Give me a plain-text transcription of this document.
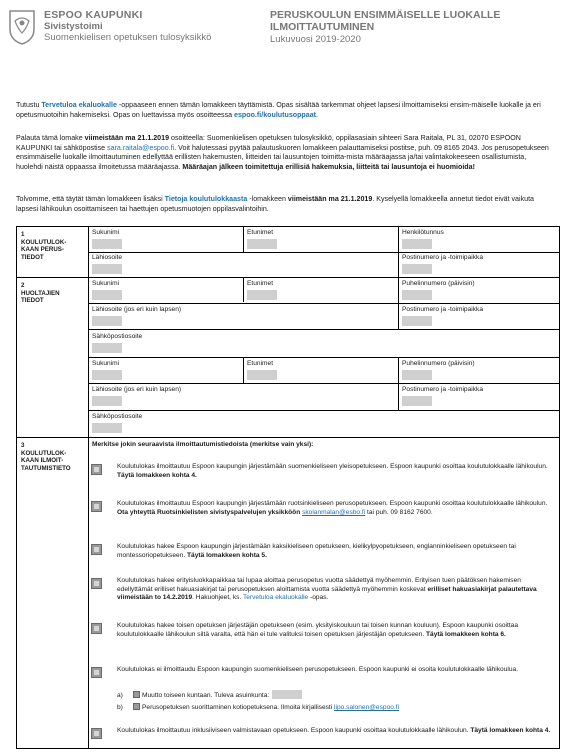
ESPOO KAUPUNKI
Sivistystoimi
Suomenkielisen opetuksen tulosyksikkö
PERUSKOULUN ENSIMMÄISELLE LUOKALLE ILMOITTAUTUMINEN
Lukuvuosi 2019-2020
Tutustu Tervetuloa ekaluokalle -oppaaseen ennen tämän lomakkeen täyttämistä. Opas sisältää tarkemmat ohjeet lapsesi ilmoittamiseksi ensim-mäiselle luokalle ja eri opetusmuotoihin hakemiseksi. Opas on luettavissa myös osoitteessa espoo.fi/koulutusoppaat.
Palauta tämä lomake viimeistään ma 21.1.2019 osoitteella: Suomenkielisen opetuksen tulosyksikkö, oppilasasiain sihteeri Sara Raitala, PL 31, 02070 ESPOON KAUPUNKI tai sähköpostise sara.raitala@espoo.fi. Voit halutessasi pyytää palautuskuoren lomakkeen palauttamiseksi postitse, puh. 09 8165 2043. Jos perusopetukseen ensimmäiselle luokalle ilmoittautuminen edellyttää erillisten hakemusten, liitteiden tai lausuntojen toimitta-mista määräajassa ja/tai valintakokeeseen osallistumista, huolehdi näistä oppaassa ilmoitetussa määräajassa. Määräajan jälkeen toimitettuja erillisiä hakemuksia, liitteitä tai lausuntoja ei huomioida!
Tolvomme, että täytät tämän lomakkeen lisäksi Tietoja koulutulokkaasta -lomakkeen viimeistään ma 21.1.2019. Kyselyellä lomakkeella annetut tiedot eivät vaikuta lapsesi lähikoulun osoittamiseen tai haettujen opetusmuotojen oppilasvalintoihin.
1
KOULUTULOK-
KAAN PERUS-
TIEDOT
Sukunimi	Etunimet	Henkilötunnus
Lähiosoite	Postinumero ja -toimipaikka
2
HUOLTAJIEN
TIEDOT
Sukunimi	Etunimet	Puhelinnumero (päivisin)
Lähiosoite (jos eri kuin lapsen)	Postinumero ja -toimipaikka
Sähköpostiosoite
Sukunimi	Etunimet	Puhelinnumero (päivisin)
Lähiosoite (jos eri kuin lapsen)	Postinumero ja -toimipaikka
Sähköpostiosoite
3
KOULUTULOK-
KAAN ILMOIT-
TAUTUMISTIETO
Merkitse jokin seuraavista ilmoittautumistiedoista (merkitse vain yksi):
Koulutulokas ilmoittautuu Espoon kaupungin järjestämään suomenkieliseen yleisopetukseen. Espoon kaupunki osoittaa koulutulokkaalle lähikoulun. Täytä lomakkeen kohta 4.
Koulutulokas ilmoittautuu Espoon kaupungin järjestämään ruotsinkieliseen perusopetukseen. Espoon kaupunki osoittaa koulutulokkaalle lähikoulun. Ota yhteyttä Ruotsinkielisten sivistyspalvelujen yksikköön skolanmalan@esbo.fi tai puh. 09 8162 7600.
Koulutulokas hakee Espoon kaupungin järjestämään kaksikieliseen opetukseen, kielikylpyopetukseen, englanninkieliseen opetukseen tai montessoriopetukseen. Täytä lomakkeen kohta 5.
Koulutulokas hakee erityisluokkapaikkaa tai lupaa aloittaa perusopetus vuotta säädettyä myöhemmin. Erityisen tuen päätöksen hakemisen edellyttämät erilliset hakuasiakirjat tai perusopetuksen aloittamista vuotta säädettyä myöhemmin koskevat erilliset hakuasiakirjat palautettava viimeistään to 14.2.2019. Hakuohjeet, ks. Tervetuloa ekaluokalle -opas.
Koulutulokas hakee toisen opetuksen järjestäjän opetukseen (esim. yksityiskouluun tai toisen kunnan kouluun). Espoon kaupunki osoittaa koulutulokkaalle lähikoulun siltä varalta, että hän ei tule valituksi toisen opetuksen järjestäjän opetukseen. Täytä lomakkeen kohta 6.
Koulutulokas ei ilmoittaudu Espoon kaupungin suomenkieliseen perusopetukseen. Espoon kaupunki ei osoita koulutulokkaalle lähikoulua.
a)	Muutto toiseen kuntaan. Tuleva asuinkunta:
b)	Perusopetuksen suorittaminen kotiopetuksena. Ilmoita kirjallisesti lipo.salonen@espoo.fi
Koulutulokas ilmoittautuu inklusiiviseen valmistavaan opetukseen. Espoon kaupunki osoittaa koulutulokkaalle lähikoulun. Täytä lomakkeen kohta 4.
